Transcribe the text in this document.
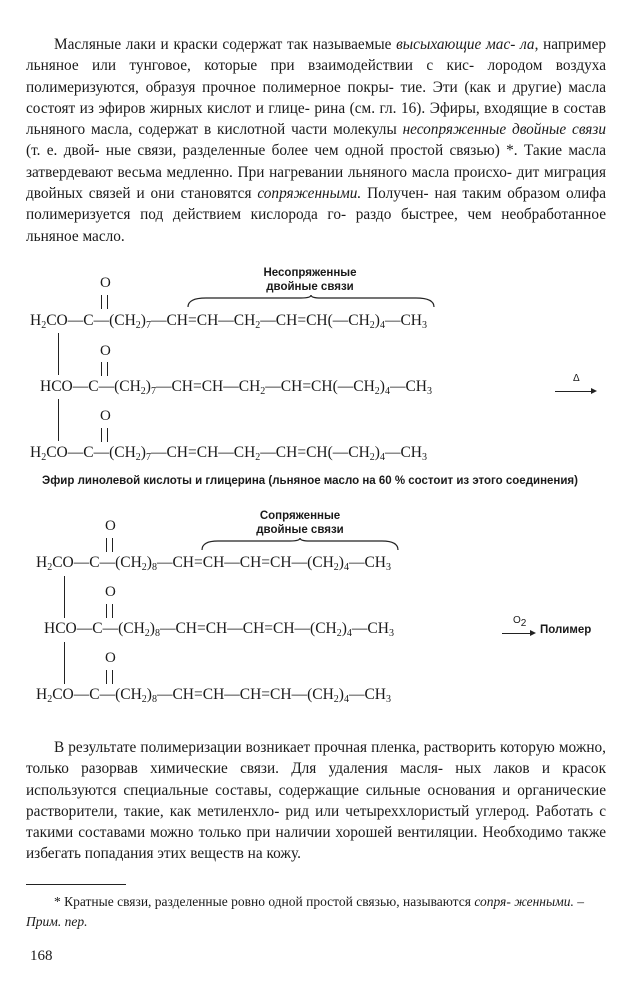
Масляные лаки и краски содержат так называемые высыхающие мас- ла, например льняное или тунговое, которые при взаимодействии с кис- лородом воздуха полимеризуются, образуя прочное полимерное покры- тие. Эти (как и другие) масла состоят из эфиров жирных кислот и глице- рина (см. гл. 16). Эфиры, входящие в состав льняного масла, содержат в кислотной части молекулы несопряженные двойные связи (т. е. двой- ные связи, разделенные более чем одной простой связью) *. Такие масла затвердевают весьма медленно. При нагревании льняного масла происхо- дит миграция двойных связей и они становятся сопряженными. Получен- ная таким образом олифа полимеризуется под действием кислорода го- раздо быстрее, чем необработанное льняное масло.

Несопряженные двойные связи
O
$H_2CO—C—(CH_2)_7—CH=CH—CH_2—CH=CH(—CH_2)_4—CH_3$
O
$HCO—C—(CH_2)_7—CH=CH—CH_2—CH=CH(—CH_2)_4—CH_3$
Δ
O
$H_2CO—C—(CH_2)_7—CH=CH—CH_2—CH=CH(—CH_2)_4—CH_3$
Эфир линолевой кислоты и глицерина (льняное масло на 60 % состоит из этого соединения)
Сопряженные двойные связи
O
$H_2CO—C—(CH_2)_8—CH=CH—CH=CH—(CH_2)_4—CH_3$
O
$HCO—C—(CH_2)_8—CH=CH—CH=CH—(CH_2)_4—CH_3$
$O_2$
Полимер
O
$H_2CO—C—(CH_2)_8—CH=CH—CH=CH—(CH_2)_4—CH_3$

В результате полимеризации возникает прочная пленка, растворить которую можно, только разорвав химические связи. Для удаления масля- ных лаков и красок используются специальные составы, содержащие сильные основания и органические растворители, такие, как метиленхло- рид или четыреххлористый углерод. Работать с такими составами можно только при наличии хорошей вентиляции. Необходимо также избегать попадания этих веществ на кожу.

* Кратные связи, разделенные ровно одной простой связью, называются сопря- женными. – Прим. пер.

168
